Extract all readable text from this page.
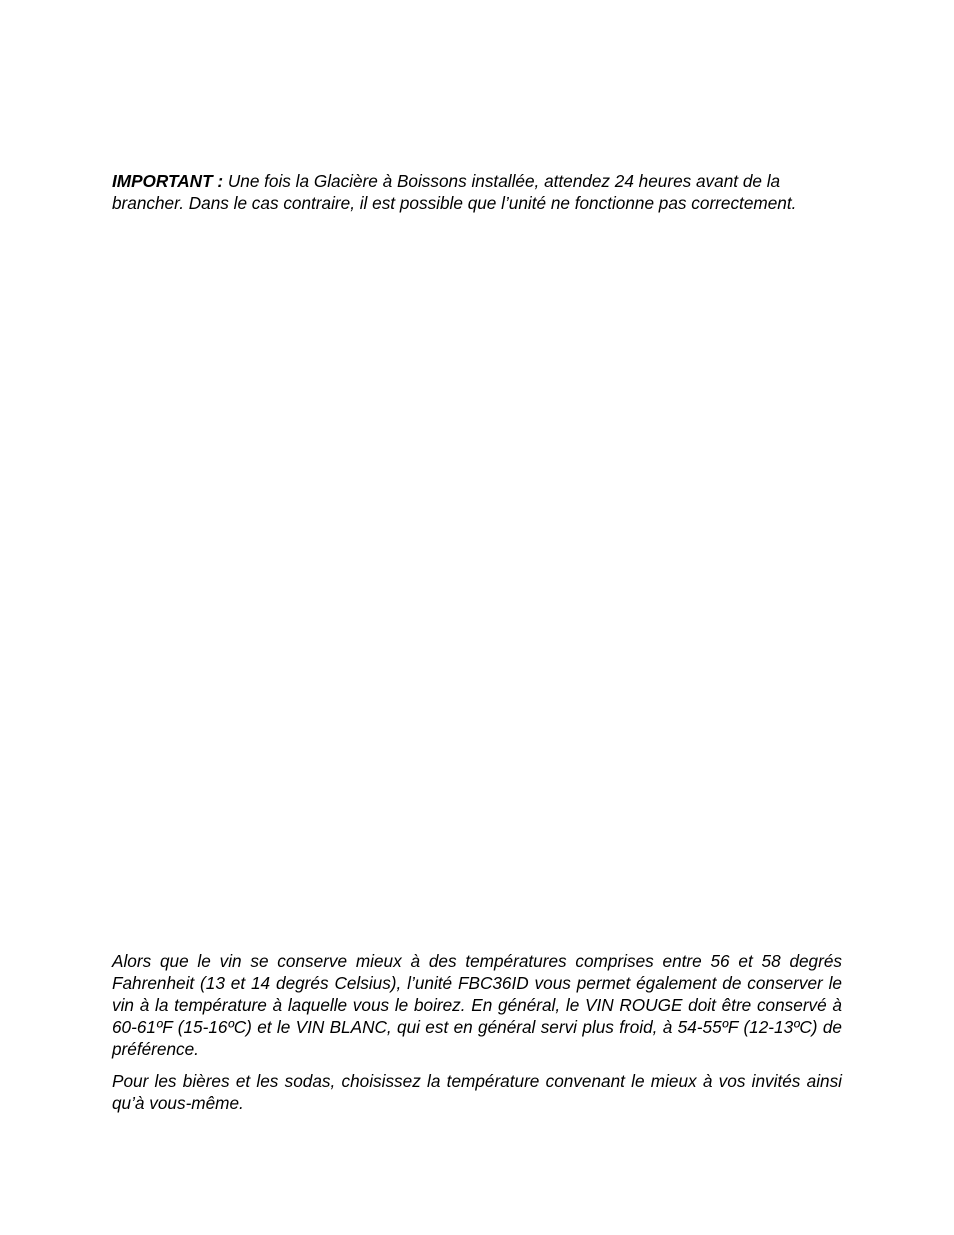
IMPORTANT : Une fois la Glacière à Boissons installée, attendez 24 heures avant de la brancher. Dans le cas contraire, il est possible que l’unité ne fonctionne pas correctement.

Alors que le vin se conserve mieux à des températures comprises entre 56 et 58 degrés Fahrenheit (13 et 14 degrés Celsius), l’unité FBC36ID vous permet également de conserver le vin à la température à laquelle vous le boirez. En général, le VIN ROUGE doit être conservé à 60-61ºF (15-16ºC) et le VIN BLANC, qui est en général servi plus froid, à 54-55ºF (12-13ºC) de préférence.

Pour les bières et les sodas, choisissez la température convenant le mieux à vos invités ainsi qu’à vous-même.
